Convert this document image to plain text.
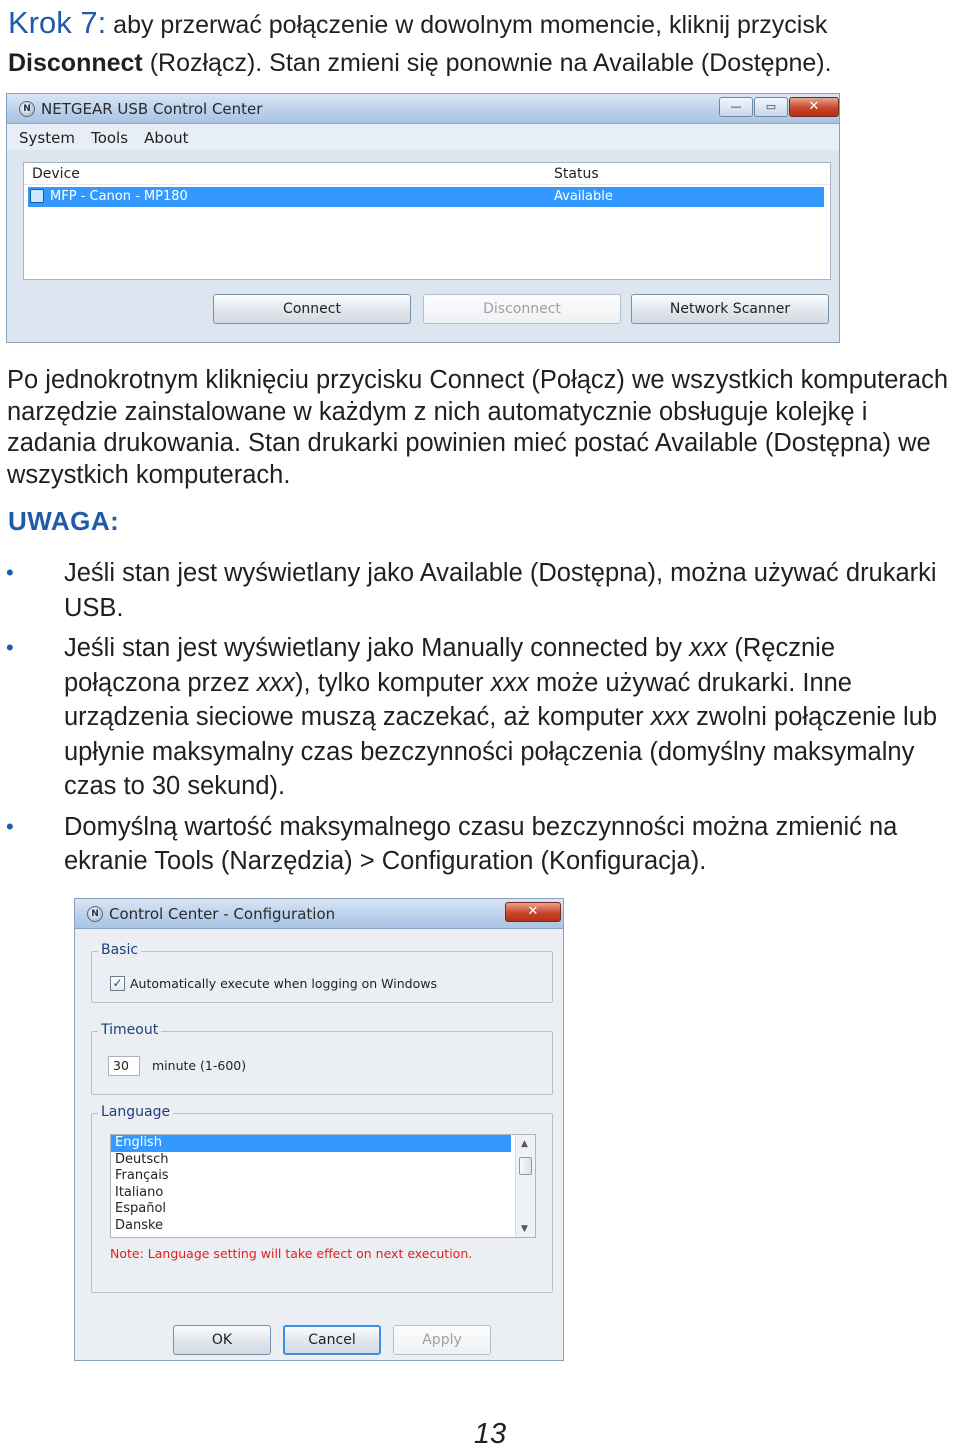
Krok 7: aby przerwać połączenie w dowolnym momencie, kliknij przycisk Disconnect (Rozłącz). Stan zmieni się ponownie na Available (Dostępne).
N NETGEAR USB Control Center	—	▭	✕
System Tools About
Device	Status
MFP - Canon - MP180	Available
Connect	Disconnect	Network Scanner
Po jednokrotnym kliknięciu przycisku Connect (Połącz) we wszystkich komputerach narzędzie zainstalowane w każdym z nich automatycznie obsługuje kolejkę i zadania drukowania. Stan drukarki powinien mieć postać Available (Dostępna) we wszystkich komputerach.
UWAGA:
• Jeśli stan jest wyświetlany jako Available (Dostępna), można używać drukarki USB.
• Jeśli stan jest wyświetlany jako Manually connected by xxx (Ręcznie połączona przez xxx), tylko komputer xxx może używać drukarki. Inne urządzenia sieciowe muszą zaczekać, aż komputer xxx zwolni połączenie lub upłynie maksymalny czas bezczynności połączenia (domyślny maksymalny czas to 30 sekund).
• Domyślną wartość maksymalnego czasu bezczynności można zmienić na ekranie Tools (Narzędzia) > Configuration (Konfiguracja).
N Control Center - Configuration	✕
Basic
✓ Automatically execute when logging on Windows
Timeout
30	minute (1-600)
Language
English
Deutsch
Français
Italiano
Español
Danske
▲
▼
Note: Language setting will take effect on next execution.
OK	Cancel	Apply
13
